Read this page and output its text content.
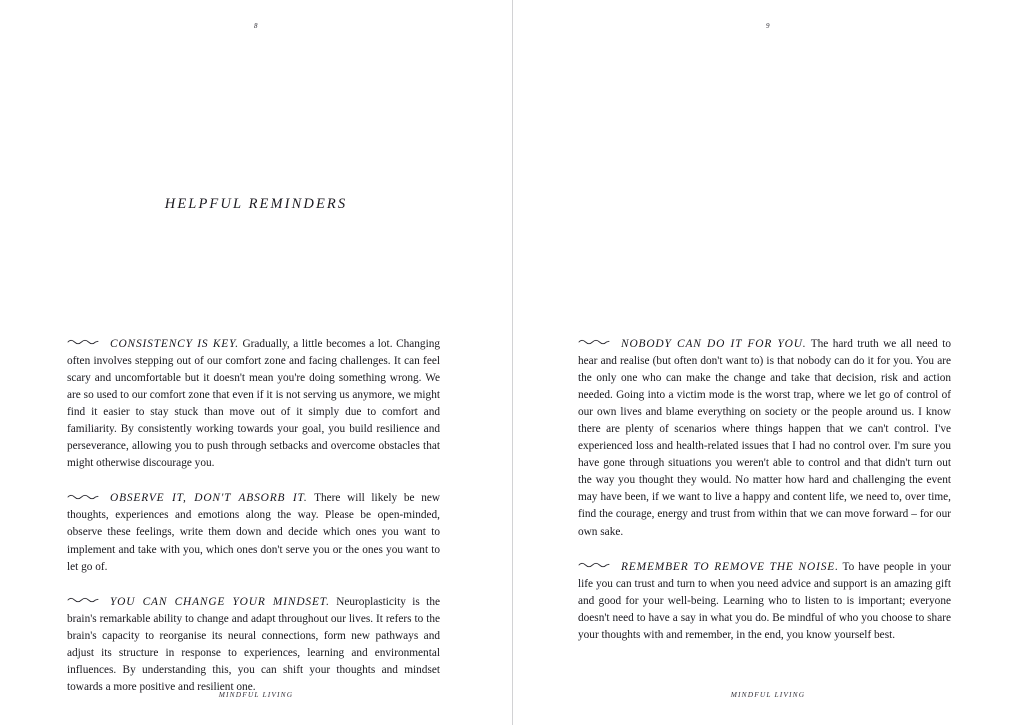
8
HELPFUL REMINDERS

CONSISTENCY IS KEY. Gradually, a little becomes a lot. Changing often involves stepping out of our comfort zone and facing challenges. It can feel scary and uncomfortable but it doesn't mean you're doing something wrong. We are so used to our comfort zone that even if it is not serving us anymore, we might find it easier to stay stuck than move out of it simply due to comfort and familiarity. By consistently working towards your goal, you build resilience and perseverance, allowing you to push through setbacks and overcome obstacles that might otherwise discourage you.

OBSERVE IT, DON'T ABSORB IT. There will likely be new thoughts, experiences and emotions along the way. Please be open-minded, observe these feelings, write them down and decide which ones you want to implement and take with you, which ones don't serve you or the ones you want to let go of.

YOU CAN CHANGE YOUR MINDSET. Neuroplasticity is the brain's remarkable ability to change and adapt throughout our lives. It refers to the brain's capacity to reorganise its neural connections, form new pathways and adjust its structure in response to experiences, learning and environmental influences. By understanding this, you can shift your thoughts and mindset towards a more positive and resilient one.

MINDFUL LIVING
9

NOBODY CAN DO IT FOR YOU. The hard truth we all need to hear and realise (but often don't want to) is that nobody can do it for you. You are the only one who can make the change and take that decision, risk and action needed. Going into a victim mode is the worst trap, where we let go of control of our own lives and blame everything on society or the people around us. I know there are plenty of scenarios where things happen that we can't control. I've experienced loss and health-related issues that I had no control over. I'm sure you have gone through situations you weren't able to control and that didn't turn out the way you thought they would. No matter how hard and challenging the event may have been, if we want to live a happy and content life, we need to, over time, find the courage, energy and trust from within that we can move forward – for our own sake.

REMEMBER TO REMOVE THE NOISE. To have people in your life you can trust and turn to when you need advice and support is an amazing gift and good for your well-being. Learning who to listen to is important; everyone doesn't need to have a say in what you do. Be mindful of who you choose to share your thoughts with and remember, in the end, you know yourself best.

MINDFUL LIVING
